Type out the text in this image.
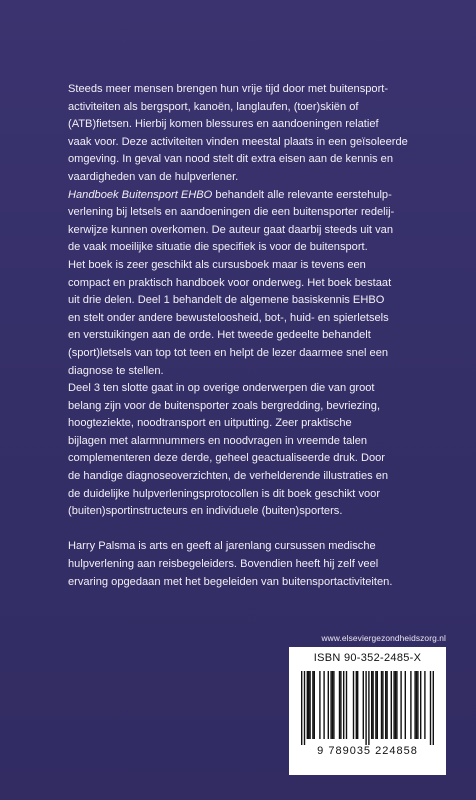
Steeds meer mensen brengen hun vrije tijd door met buitensport-
activiteiten als bergsport, kanoën, langlaufen, (toer)skiën of
(ATB)fietsen. Hierbij komen blessures en aandoeningen relatief
vaak voor. Deze activiteiten vinden meestal plaats in een geïsoleerde
omgeving. In geval van nood stelt dit extra eisen aan de kennis en
vaardigheden van de hulpverlener.

Handboek Buitensport EHBO behandelt alle relevante eerstehulp-
verlening bij letsels en aandoeningen die een buitensporter redelij-
kerwijze kunnen overkomen. De auteur gaat daarbij steeds uit van
de vaak moeilijke situatie die specifiek is voor de buitensport.

Het boek is zeer geschikt als cursusboek maar is tevens een
compact en praktisch handboek voor onderweg. Het boek bestaat
uit drie delen. Deel 1 behandelt de algemene basiskennis EHBO
en stelt onder andere bewusteloosheid, bot-, huid- en spierletsels
en verstuikingen aan de orde. Het tweede gedeelte behandelt
(sport)letsels van top tot teen en helpt de lezer daarmee snel een
diagnose te stellen.

Deel 3 ten slotte gaat in op overige onderwerpen die van groot
belang zijn voor de buitensporter zoals bergredding, bevriezing,
hoogteziekte, noodtransport en uitputting. Zeer praktische
bijlagen met alarmnummers en noodvragen in vreemde talen
complementeren deze derde, geheel geactualiseerde druk. Door
de handige diagnoseoverzichten, de verhelderende illustraties en
de duidelijke hulpverleningsprotocollen is dit boek geschikt voor
(buiten)sportinstructeurs en individuele (buiten)sporters.

Harry Palsma is arts en geeft al jarenlang cursussen medische
hulpverlening aan reisbegeleiders. Bovendien heeft hij zelf veel
ervaring opgedaan met het begeleiden van buitensportactiviteiten.

www.elseviergezondheidszorg.nl
ISBN 90-352-2485-X
9 789035 224858
